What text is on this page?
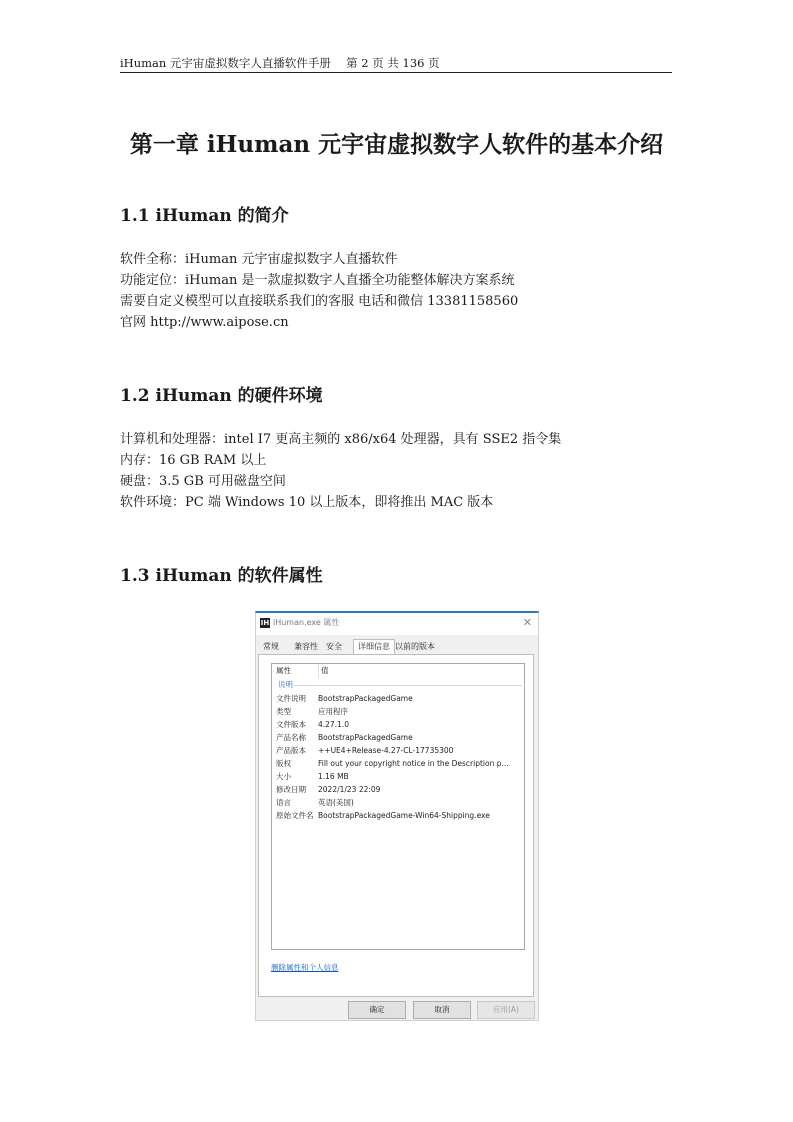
iHuman 元宇宙虚拟数字人直播软件手册　 第 2 页 共 136 页
第一章 iHuman 元宇宙虚拟数字人软件的基本介绍
1.1 iHuman 的简介
软件全称：iHuman 元宇宙虚拟数字人直播软件
功能定位：iHuman 是一款虚拟数字人直播全功能整体解决方案系统
需要自定义模型可以直接联系我们的客服 电话和微信 13381158560
官网 http://www.aipose.cn
1.2 iHuman 的硬件环境
计算机和处理器：intel I7 更高主频的 x86/x64 处理器，具有 SSE2 指令集
内存：16 GB RAM 以上
硬盘：3.5 GB 可用磁盘空间
软件环境：PC 端 Windows 10 以上版本，即将推出 MAC 版本
1.3 iHuman 的软件属性
IH iHuman.exe 属性	✕
常规 兼容性 安全	详细信息 以前的版本
属性	值
说明
文件说明 BootstrapPackagedGame
类型	应用程序
文件版本 4.27.1.0
产品名称 BootstrapPackagedGame
产品版本 ++UE4+Release-4.27-CL-17735300
版权	Fill out your copyright notice in the Description p...
大小	1.16 MB
修改日期 2022/1/23 22:09
语言	英语(美国)
原始文件名 BootstrapPackagedGame-Win64-Shipping.exe
删除属性和个人信息
确定	取消	应用(A)
